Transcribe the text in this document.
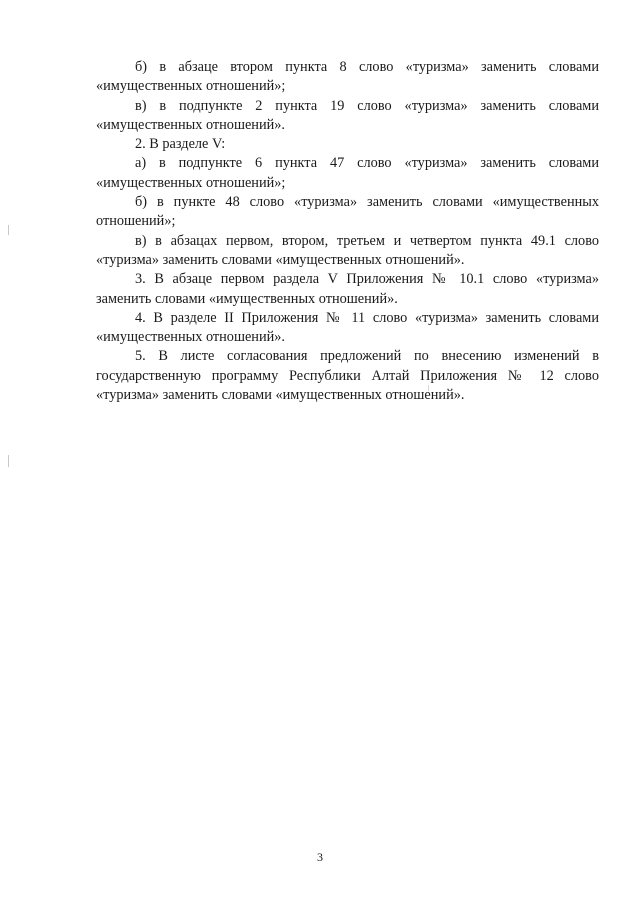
б) в абзаце втором пункта 8 слово «туризма» заменить словами «имущественных отношений»;

в) в подпункте 2 пункта 19 слово «туризма» заменить словами «имущественных отношений».

2. В разделе V:

а) в подпункте 6 пункта 47 слово «туризма» заменить словами «имущественных отношений»;

б) в пункте 48 слово «туризма» заменить словами «имущественных отношений»;

в) в абзацах первом, втором, третьем и четвертом пункта 49.1 слово «туризма» заменить словами «имущественных отношений».

3. В абзаце первом раздела V Приложения № 10.1 слово «туризма» заменить словами «имущественных отношений».

4. В разделе II Приложения № 11 слово «туризма» заменить словами «имущественных отношений».

5. В листе согласования предложений по внесению изменений в государственную программу Республики Алтай Приложения № 12 слово «туризма» заменить словами «имущественных отношений».

3
